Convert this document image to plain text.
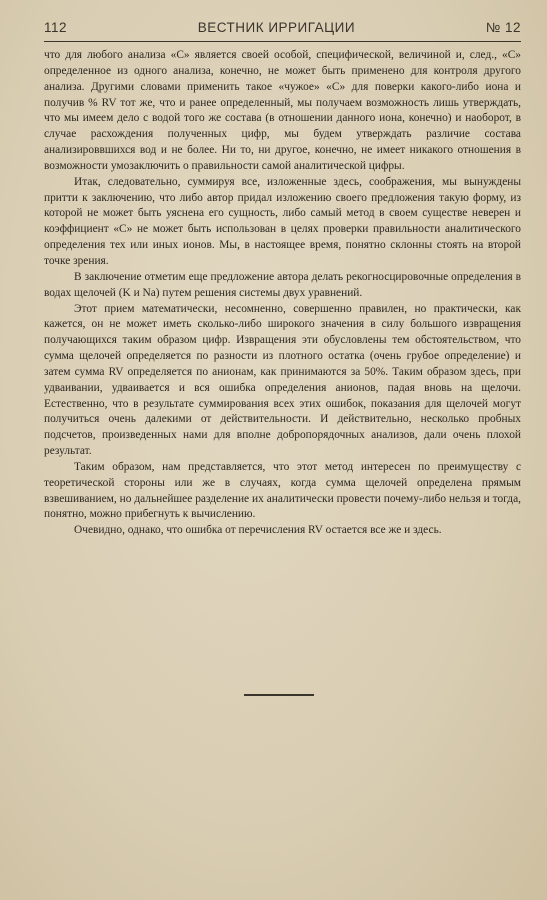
112	ВЕСТНИК ИРРИГАЦИИ	№ 12

что для любого анализа «С» является своей особой, специфической, величиной и, след., «С» определенное из одного анализа, конечно, не может быть применено для контроля другого анализа. Другими словами применить такое «чужое» «С» для поверки какого-либо иона и получив % RV тот же, что и ранее определенный, мы получаем возможность лишь утверждать, что мы имеем дело с водой того же состава (в отношении данного иона, конечно) и наоборот, в случае расхождения полученных цифр, мы будем утверждать различие состава анализироввшихся вод и не более. Ни то, ни другое, конечно, не имеет никакого отношения в возможности умозаключить о правильности самой аналитической цифры.

Итак, следовательно, суммируя все, изложенные здесь, соображения, мы вынуждены притти к заключению, что либо автор придал изложению своего предложения такую форму, из которой не может быть уяснена его сущность, либо самый метод в своем существе неверен и коэффициент «С» не может быть использован в целях проверки правильности аналитического определения тех или иных ионов. Мы, в настоящее время, понятно склонны стоять на второй точке зрения.

В заключение отметим еще предложение автора делать рекогносцировочные определения в водах щелочей (K и Na) путем решения системы двух уравнений.

Этот прием математически, несомненно, совершенно правилен, но практически, как кажется, он не может иметь сколько-либо широкого значения в силу большого извращения получающихся таким образом цифр. Извращения эти обусловлены тем обстоятельством, что сумма щелочей определяется по разности из плотного остатка (очень грубое определение) и затем сумма RV определяется по анионам, как принимаются за 50%. Таким образом здесь, при удваивании, удваивается и вся ошибка определения анионов, падая вновь на щелочи. Естественно, что в результате суммирования всех этих ошибок, показания для щелочей могут получиться очень далекими от действительности. И действительно, несколько пробных подсчетов, произведенных нами для вполне добропорядочных анализов, дали очень плохой результат.

Таким образом, нам представляется, что этот метод интересен по преимуществу с теоретической стороны или же в случаях, когда сумма щелочей определена прямым взвешиванием, но дальнейшее разделение их аналитически провести почему-либо нельзя и тогда, понятно, можно прибегнуть к вычислению.

Очевидно, однако, что ошибка от перечисления RV остается все же и здесь.
